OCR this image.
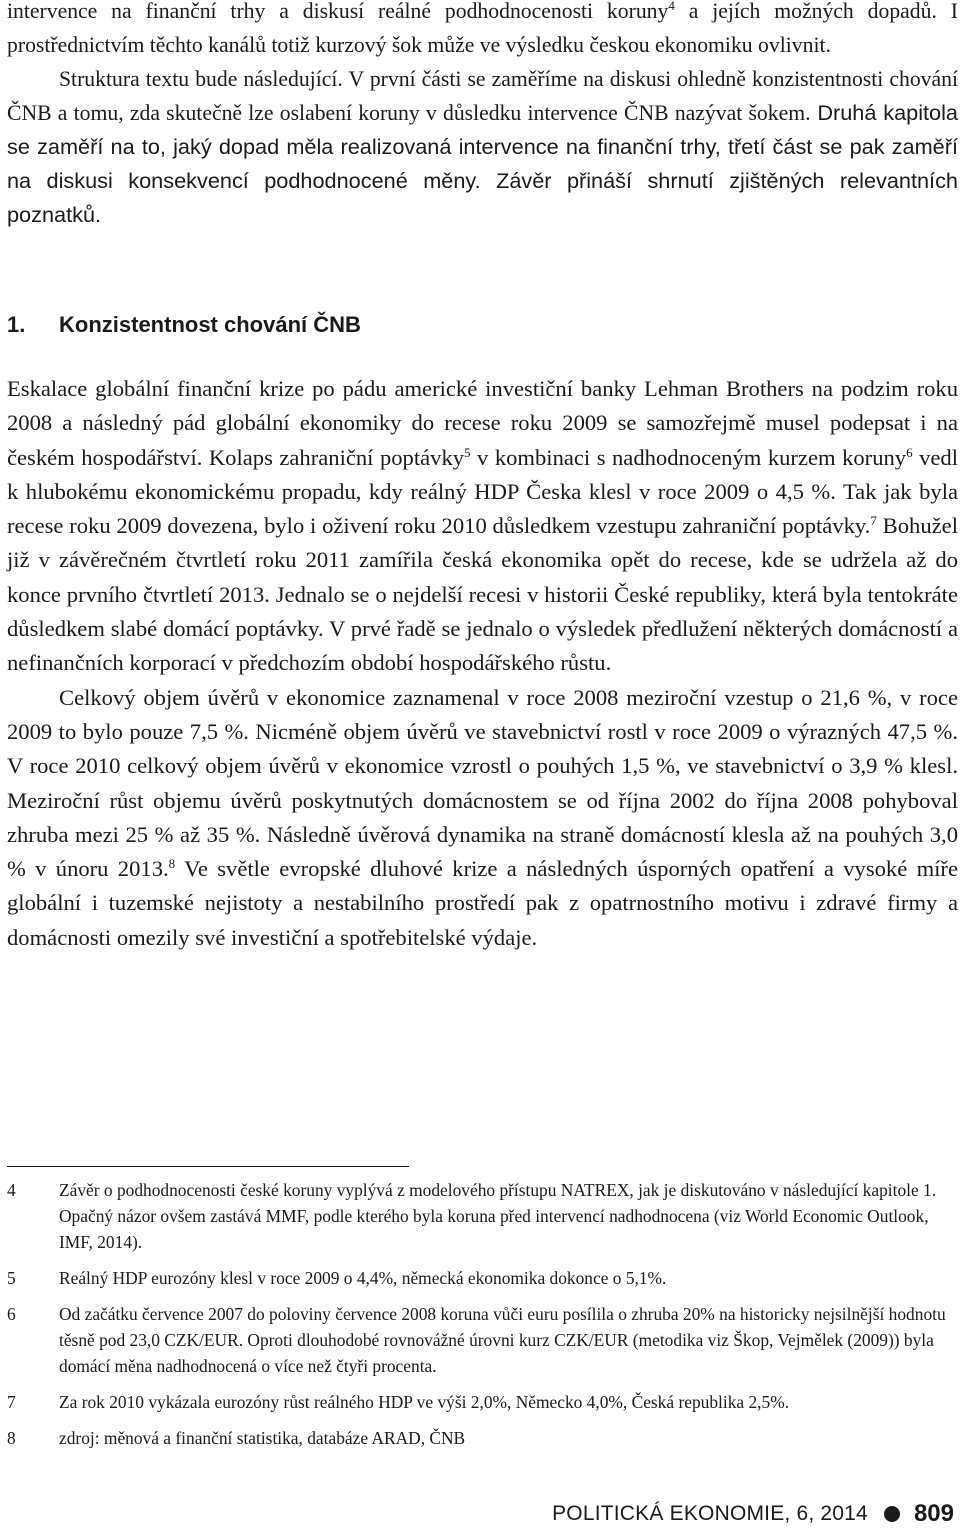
intervence na finanční trhy a diskusí reálné podhodnocenosti koruny$^4$ a jejích možných dopadů. I prostřednictvím těchto kanálů totiž kurzový šok může ve výsledku českou ekonomiku ovlivnit.

Struktura textu bude následující. V první části se zaměříme na diskusi ohledně konzistentnosti chování ČNB a tomu, zda skutečně lze oslabení koruny v důsledku intervence ČNB nazývat šokem. Druhá kapitola se zaměří na to, jaký dopad měla realizovaná intervence na finanční trhy, třetí část se pak zaměří na diskusi konsekvencí podhodnocené měny. Závěr přináší shrnutí zjištěných relevantních poznatků.

1. Konzistentnost chování ČNB

Eskalace globální finanční krize po pádu americké investiční banky Lehman Brothers na podzim roku 2008 a následný pád globální ekonomiky do recese roku 2009 se samozřejmě musel podepsat i na českém hospodářství. Kolaps zahraniční poptávky$^5$ v kombinaci s nadhodnoceným kurzem koruny$^6$ vedl k hlubokému ekonomickému propadu, kdy reálný HDP Česka klesl v roce 2009 o 4,5 %. Tak jak byla recese roku 2009 dovezena, bylo i oživení roku 2010 důsledkem vzestupu zahraniční poptávky.$^7$ Bohužel již v závěrečném čtvrtletí roku 2011 zamířila česká ekonomika opět do recese, kde se udržela až do konce prvního čtvrtletí 2013. Jednalo se o nejdelší recesi v historii České republiky, která byla tentokráte důsledkem slabé domácí poptávky. V prvé řadě se jednalo o výsledek předlužení některých domácností a nefinančních korporací v předchozím období hospodářského růstu.

Celkový objem úvěrů v ekonomice zaznamenal v roce 2008 meziroční vzestup o 21,6 %, v roce 2009 to bylo pouze 7,5 %. Nicméně objem úvěrů ve stavebnictví rostl v roce 2009 o výrazných 47,5 %. V roce 2010 celkový objem úvěrů v ekonomice vzrostl o pouhých 1,5 %, ve stavebnictví o 3,9 % klesl. Meziroční růst objemu úvěrů poskytnutých domácnostem se od října 2002 do října 2008 pohyboval zhruba mezi 25 % až 35 %. Následně úvěrová dynamika na straně domácností klesla až na pouhých 3,0 % v únoru 2013.$^8$ Ve světle evropské dluhové krize a následných úsporných opatření a vysoké míře globální i tuzemské nejistoty a nestabilního prostředí pak z opatrnostního motivu i zdravé firmy a domácnosti omezily své investiční a spotřebitelské výdaje.

4	Závěr o podhodnocenosti české koruny vyplývá z modelového přístupu NATREX, jak je diskutováno v následující kapitole 1. Opačný názor ovšem zastává MMF, podle kterého byla koruna před intervencí nadhodnocena (viz World Economic Outlook, IMF, 2014).
5	Reálný HDP eurozóny klesl v roce 2009 o 4,4%, německá ekonomika dokonce o 5,1%.
6	Od začátku července 2007 do poloviny července 2008 koruna vůči euru posílila o zhruba 20% na historicky nejsilnější hodnotu těsně pod 23,0 CZK/EUR. Oproti dlouhodobé rovnovážné úrovni kurz CZK/EUR (metodika viz Škop, Vejmělek (2009)) byla domácí měna nadhodnocená o více než čtyři procenta.
7	Za rok 2010 vykázala eurozóny růst reálného HDP ve výši 2,0%, Německo 4,0%, Česká republika 2,5%.
8	zdroj: měnová a finanční statistika, databáze ARAD, ČNB
POLITICKÁ EKONOMIE, 6, 2014 809
